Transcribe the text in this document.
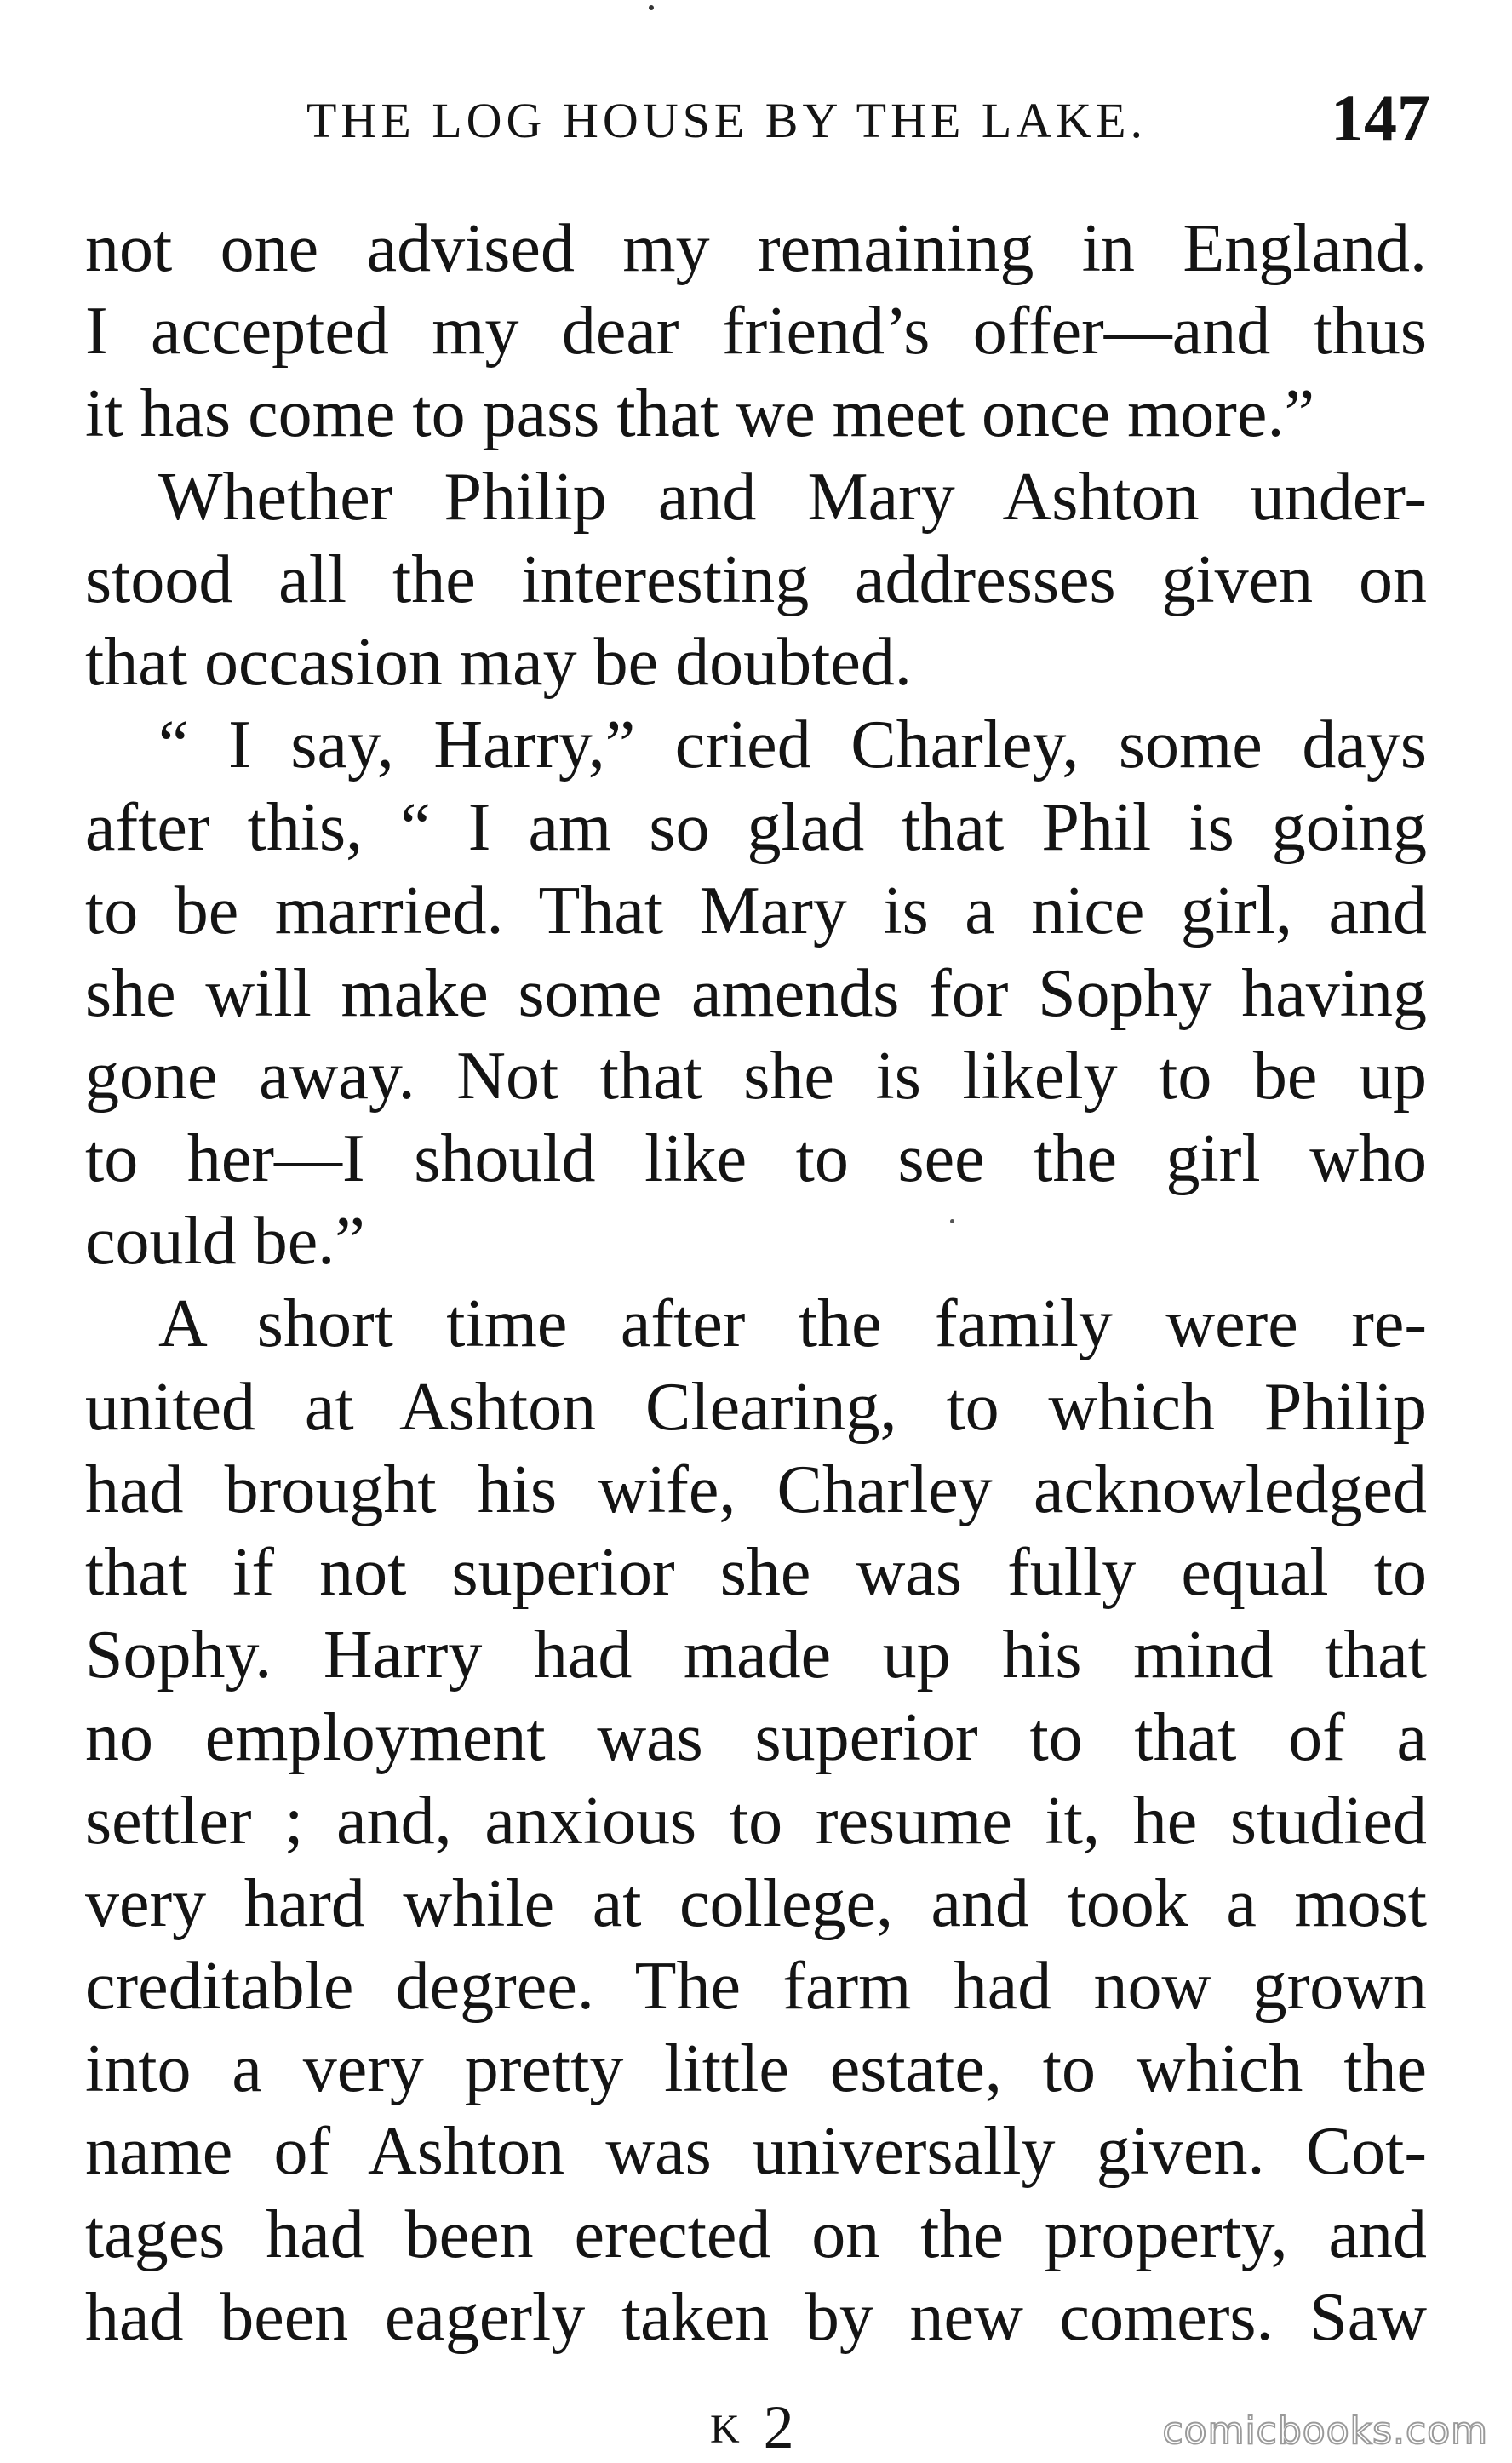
THE LOG HOUSE BY THE LAKE.	147
not one advised my remaining in England.
I accepted my dear friend’s offer—and thus
it has come to pass that we meet once more.”
Whether Philip and Mary Ashton under-
stood all the interesting addresses given on
that occasion may be doubted.
“ I say, Harry,” cried Charley, some days
after this, “ I am so glad that Phil is going
to be married. That Mary is a nice girl, and
she will make some amends for Sophy having
gone away. Not that she is likely to be up
to her—I should like to see the girl who
could be.”
A short time after the family were re-
united at Ashton Clearing, to which Philip
had brought his wife, Charley acknowledged
that if not superior she was fully equal to
Sophy. Harry had made up his mind that
no employment was superior to that of a
settler ; and, anxious to resume it, he studied
very hard while at college, and took a most
creditable degree. The farm had now grown
into a very pretty little estate, to which the
name of Ashton was universally given. Cot-
tages had been erected on the property, and
had been eagerly taken by new comers. Saw
K 2	comicbooks.com
